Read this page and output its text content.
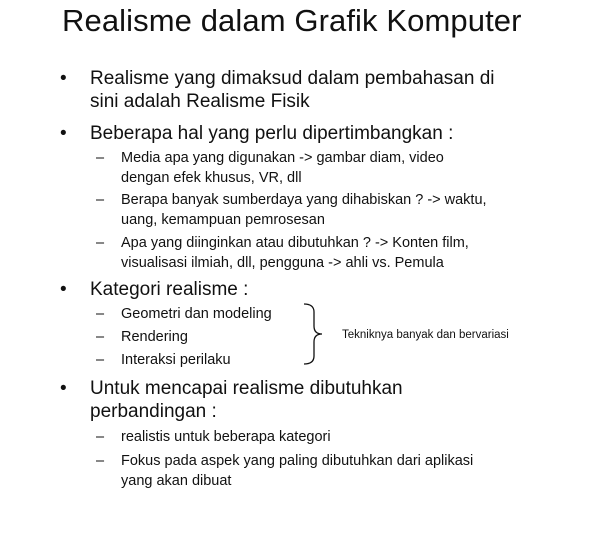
Realisme dalam Grafik Komputer
• Realisme yang dimaksud dalam pembahasan di
sini adalah Realisme Fisik
• Beberapa hal yang perlu dipertimbangkan :
– Media apa yang digunakan -> gambar diam, video
dengan efek khusus, VR, dll
– Berapa banyak sumberdaya yang dihabiskan ? -> waktu,
uang, kemampuan pemrosesan
– Apa yang diinginkan atau dibutuhkan ? -> Konten film,
visualisasi ilmiah, dll, pengguna -> ahli vs. Pemula
• Kategori realisme :
– Geometri dan modeling
– Rendering
– Interaksi perilaku
Tekniknya banyak dan bervariasi
• Untuk mencapai realisme dibutuhkan
perbandingan :
– realistis untuk beberapa kategori
– Fokus pada aspek yang paling dibutuhkan dari aplikasi
yang akan dibuat
